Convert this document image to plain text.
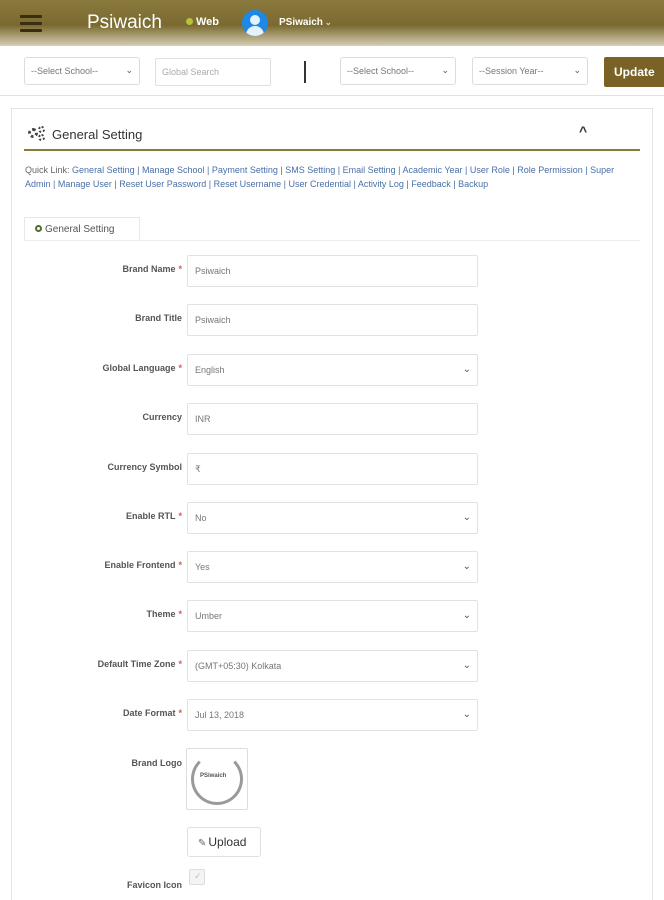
Psiwaich	Web	PSiwaich ⌄
--Select School--	⌄	Global Search	--Select School--	⌄	--Session Year--	⌄	Update
General Setting	^
Quick Link: General Setting | Manage School | Payment Setting | SMS Setting | Email Setting | Academic Year | User Role | Role Permission | Super Admin | Manage User | Reset User Password | Reset Username | User Credential | Activity Log | Feedback | Backup
General Setting
Brand Name *	Psiwaich
Brand Title	Psiwaich
Global Language *	English	⌄
Currency	INR
Currency Symbol	₹
Enable RTL *	No	⌄
Enable Frontend *	Yes	⌄
Theme *	Umber	⌄
Default Time Zone *	(GMT+05:30) Kolkata	⌄
Date Format *	Jul 13, 2018	⌄
Brand Logo
PSiwaich
✎ Upload
Favicon Icon
✓
